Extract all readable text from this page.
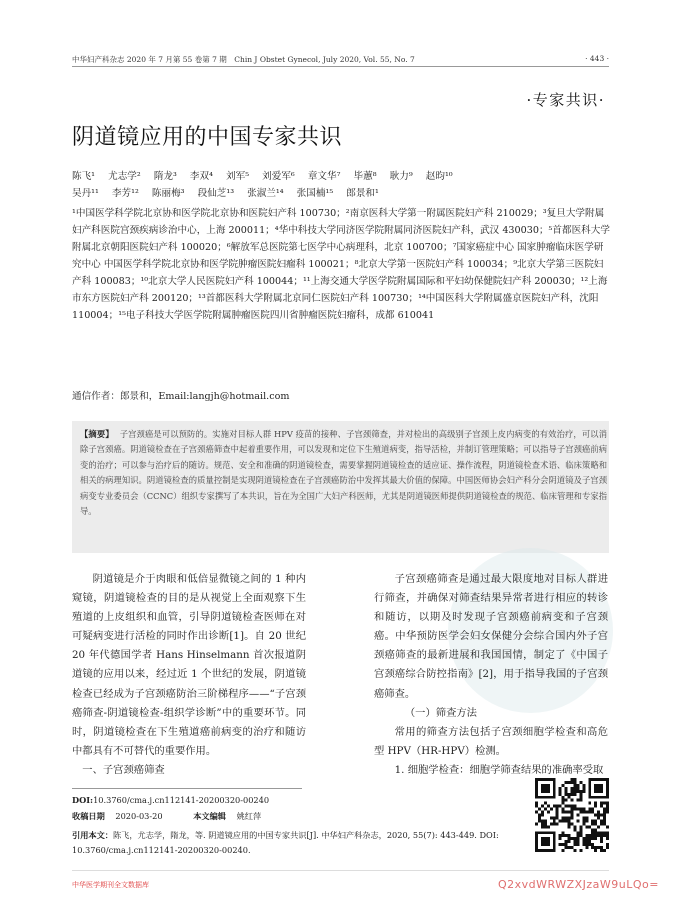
中华妇产科杂志 2020 年 7 月第 55 卷第 7 期　Chin J Obstet Gynecol, July 2020, Vol. 55, No. 7	· 443 ·
·专家共识·
阴道镜应用的中国专家共识
陈飞¹ 尤志学² 隋龙³ 李双⁴ 刘军⁵ 刘爱军⁶ 章文华⁷ 毕蕙⁸ 耿力⁹ 赵昀¹⁰
吴丹¹¹ 李芳¹² 陈丽梅³ 段仙芝¹³ 张淑兰¹⁴ 张国楠¹⁵ 郎景和¹

¹中国医学科学院北京协和医学院北京协和医院妇产科 100730；²南京医科大学第一附属医院妇产科 210029；³复旦大学附属妇产科医院宫颈疾病诊治中心，上海 200011；⁴华中科技大学同济医学院附属同济医院妇产科，武汉 430030；⁵首都医科大学附属北京朝阳医院妇产科 100020；⁶解放军总医院第七医学中心病理科，北京 100700；⁷国家癌症中心 国家肿瘤临床医学研究中心 中国医学科学院北京协和医学院肿瘤医院妇瘤科 100021；⁸北京大学第一医院妇产科 100034；⁹北京大学第三医院妇产科 100083；¹⁰北京大学人民医院妇产科 100044；¹¹上海交通大学医学院附属国际和平妇幼保健院妇产科 200030；¹²上海市东方医院妇产科 200120；¹³首都医科大学附属北京同仁医院妇产科 100730；¹⁴中国医科大学附属盛京医院妇产科，沈阳 110004；¹⁵电子科技大学医学院附属肿瘤医院四川省肿瘤医院妇瘤科，成都 610041

通信作者：郎景和，Email:langjh@hotmail.com

【摘要】 子宫颈癌是可以预防的。实施对目标人群 HPV 疫苗的接种、子宫颈筛查，并对检出的高级别子宫颈上皮内病变的有效治疗，可以消除子宫颈癌。阴道镜检查在子宫颈癌筛查中起着重要作用，可以发现和定位下生殖道病变，指导活检，并制订管理策略；可以指导子宫颈癌前病变的治疗；可以参与治疗后的随访。规范、安全和准确的阴道镜检查，需要掌握阴道镜检查的适应证、操作流程，阴道镜检查术语、临床策略和相关的病理知识。阴道镜检查的质量控制是实现阴道镜检查在子宫颈癌防治中发挥其最大价值的保障。中国医师协会妇产科分会阴道镜及子宫颈病变专业委员会（CCNC）组织专家撰写了本共识，旨在为全国广大妇产科医师，尤其是阴道镜医师提供阴道镜检查的规范、临床管理和专家指导。

阴道镜是介于肉眼和低倍显微镜之间的 1 种内窥镜，阴道镜检查的目的是从视觉上全面观察下生殖道的上皮组织和血管，引导阴道镜检查医师在对可疑病变进行活检的同时作出诊断[1]。自 20 世纪 20 年代德国学者 Hans Hinselmann 首次报道阴道镜的应用以来，经过近 1 个世纪的发展，阴道镜检查已经成为子宫颈癌防治三阶梯程序——“子宫颈癌筛查-阴道镜检查-组织学诊断”中的重要环节。同时，阴道镜检查在下生殖道癌前病变的治疗和随访中都具有不可替代的重要作用。

一、子宫颈癌筛查

子宫颈癌筛查是通过最大限度地对目标人群进行筛查，并确保对筛查结果异常者进行相应的转诊和随访，以期及时发现子宫颈癌前病变和子宫颈癌。中华预防医学会妇女保健分会综合国内外子宫颈癌筛查的最新进展和我国国情，制定了《中国子宫颈癌综合防控指南》[2]，用于指导我国的子宫颈癌筛查。

（一）筛查方法

常用的筛查方法包括子宫颈细胞学检查和高危型 HPV（HR-HPV）检测。

1. 细胞学检查：细胞学筛查结果的准确率受取

DOI:10.3760/cma.j.cn112141-20200320-00240
收稿日期 2020-03-20	本文编辑 姚红萍

引用本文：陈飞，尤志学，隋龙，等. 阴道镜应用的中国专家共识[J]. 中华妇产科杂志，2020, 55(7): 443-449. DOI: 10.3760/cma.j.cn112141-20200320-00240.

中华医学期刊全文数据库	Q2xvdWRWZXJzaW9uLQo=
